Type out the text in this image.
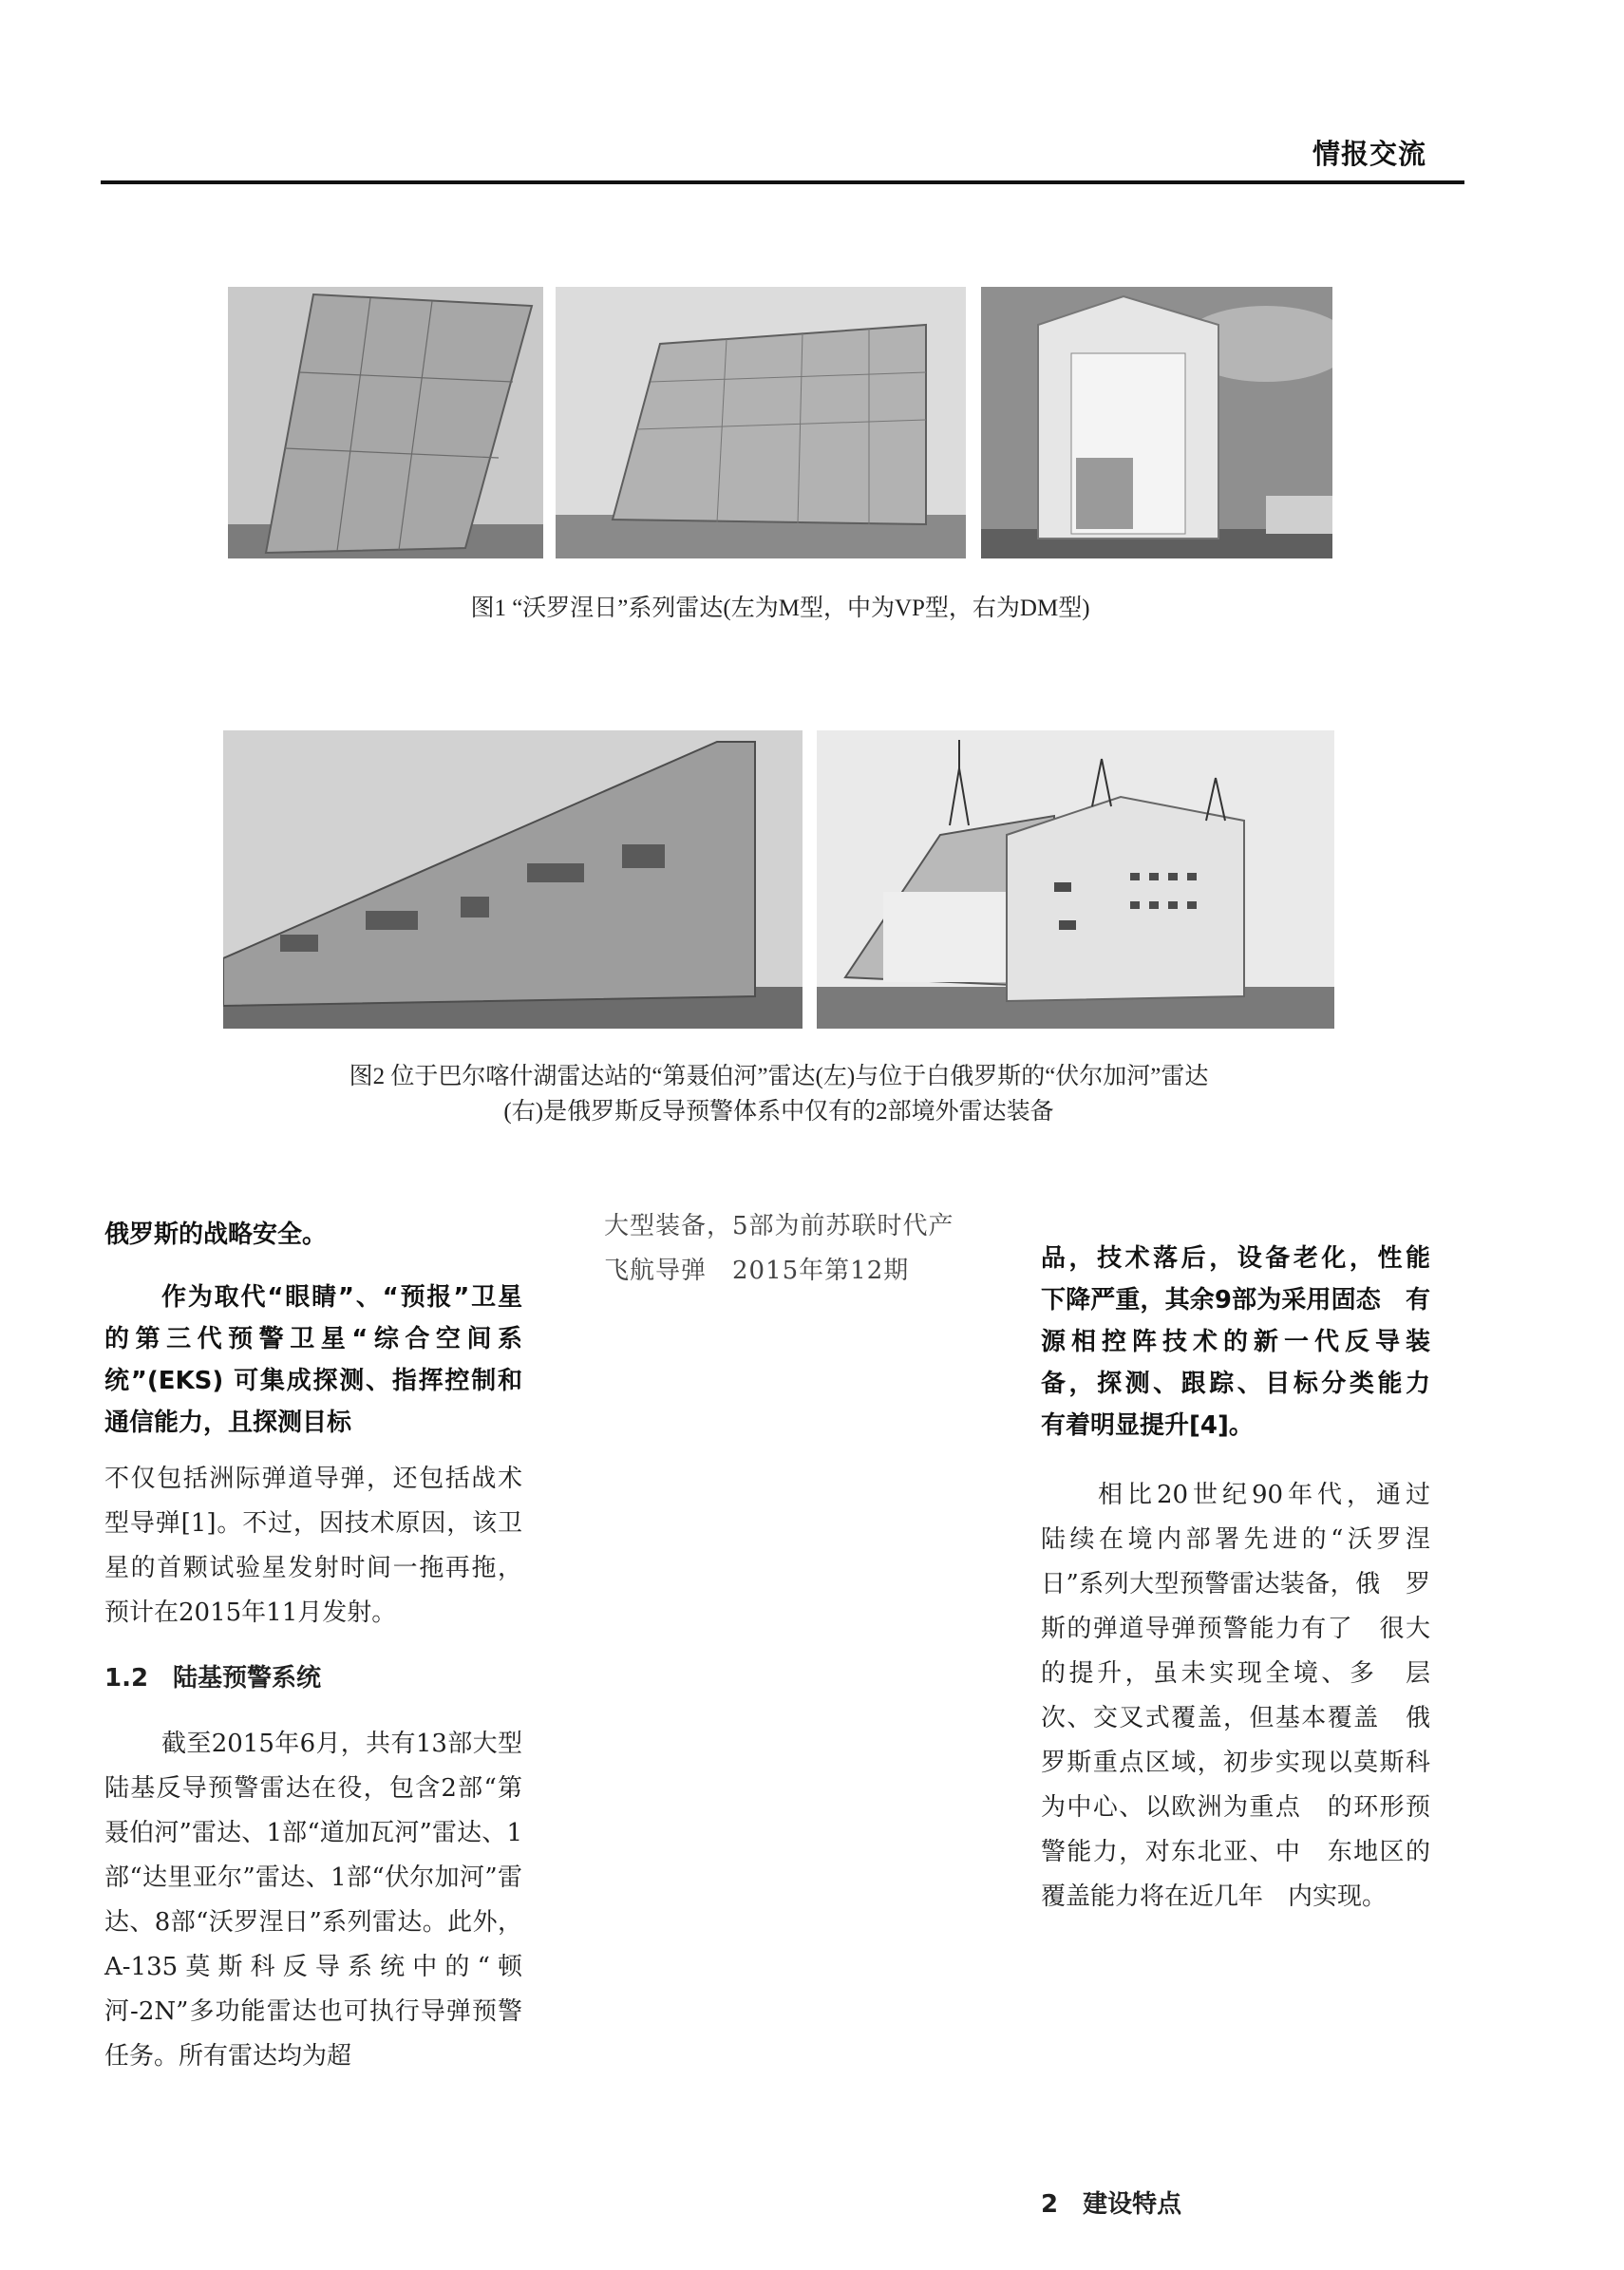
情报交流
图1 “沃罗涅日”系列雷达(左为M型，中为VP型，右为DM型)
图2 位于巴尔喀什湖雷达站的“第聂伯河”雷达(左)与位于白俄罗斯的“伏尔加河”雷达
(右)是俄罗斯反导预警体系中仅有的2部境外雷达装备

俄罗斯的战略安全。

作为取代“眼睛”、“预报”卫星的第三代预警卫星“综合空间系统”(EKS) 可集成探测、指挥控制和通信能力，且探测目标

不仅包括洲际弹道导弹，还包括战术型导弹[1]。不过，因技术原因，该卫星的首颗试验星发射时间一拖再拖，预计在2015年11月发射。

1.2　陆基预警系统

截至2015年6月，共有13部大型陆基反导预警雷达在役，包含2部“第聂伯河”雷达、1部“道加瓦河”雷达、1部“达里亚尔”雷达、1部“伏尔加河”雷达、8部“沃罗涅日”系列雷达。此外，A-135莫斯科反导系统中的“顿河-2N”多功能雷达也可执行导弹预警任务。所有雷达均为超

大型装备，5部为前苏联时代产　飞航导弹　2015年第12期	品，技术落后，设备老化，性能　下降严重，其余9部为采用固态　有源相控阵技术的新一代反导装　备，探测、跟踪、目标分类能力　有着明显提升[4]。

相比20世纪90年代，通过　陆续在境内部署先进的“沃罗涅　日”系列大型预警雷达装备，俄　罗斯的弹道导弹预警能力有了　很大的提升，虽未实现全境、多　层次、交叉式覆盖，但基本覆盖　俄罗斯重点区域，初步实现以莫斯科为中心、以欧洲为重点　的环形预警能力，对东北亚、中　东地区的覆盖能力将在近几年　内实现。

2　建设特点
